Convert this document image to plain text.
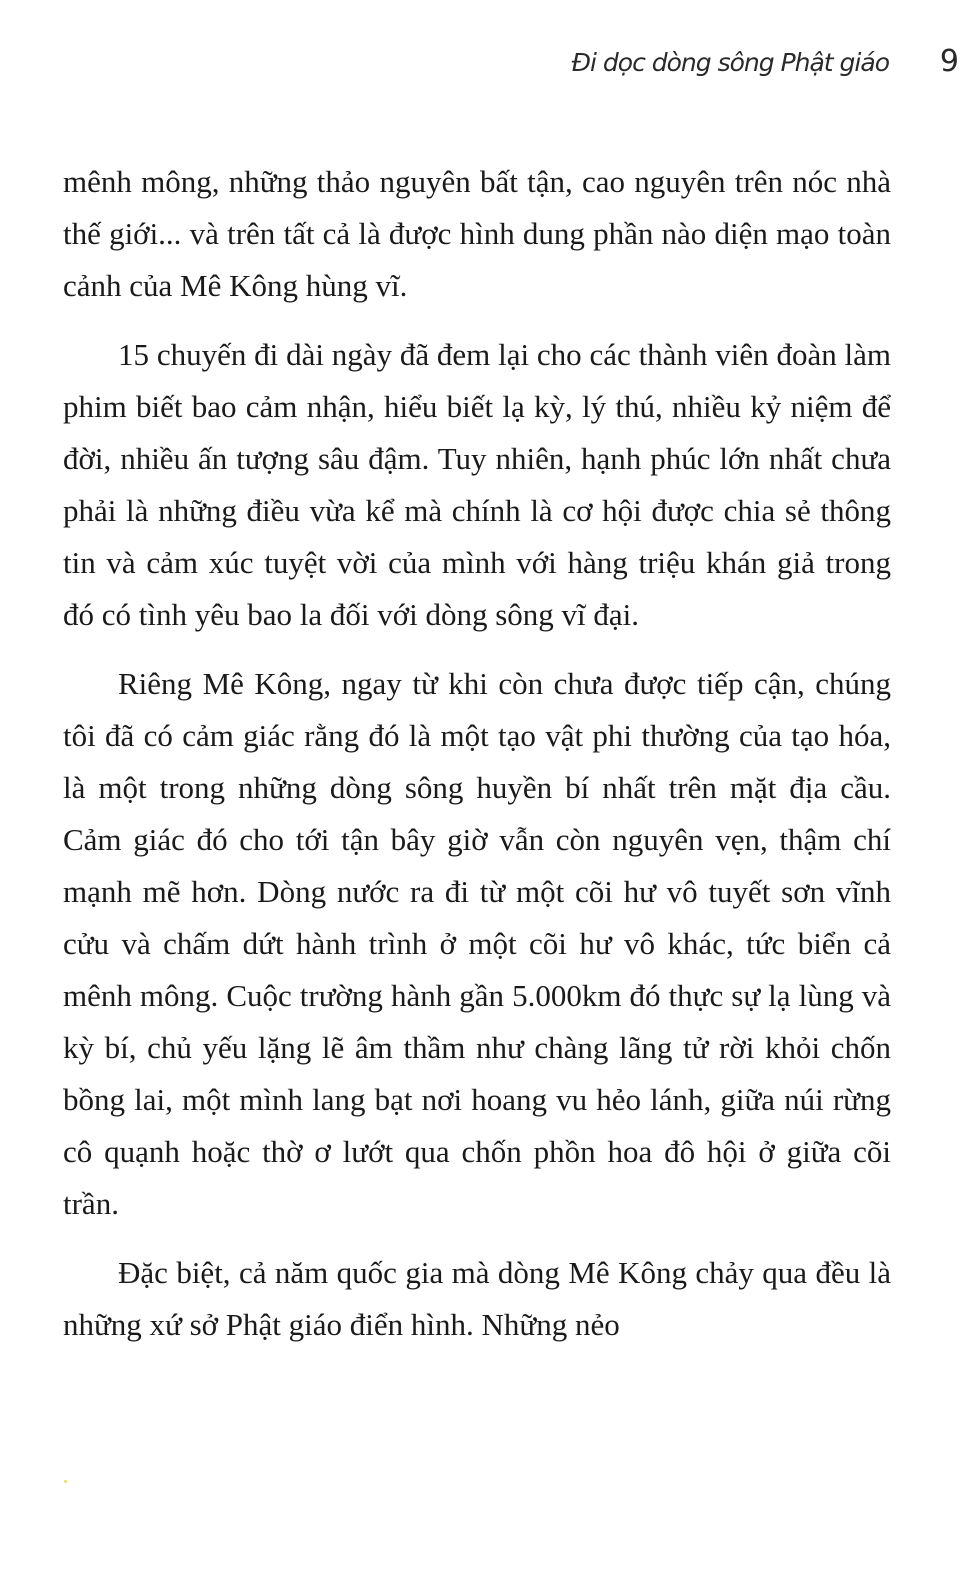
Đi dọc dòng sông Phật giáo 9

mênh mông, những thảo nguyên bất tận, cao nguyên trên nóc nhà thế giới... và trên tất cả là được hình dung phần nào diện mạo toàn cảnh của Mê Kông hùng vĩ.

15 chuyến đi dài ngày đã đem lại cho các thành viên đoàn làm phim biết bao cảm nhận, hiểu biết lạ kỳ, lý thú, nhiều kỷ niệm để đời, nhiều ấn tượng sâu đậm. Tuy nhiên, hạnh phúc lớn nhất chưa phải là những điều vừa kể mà chính là cơ hội được chia sẻ thông tin và cảm xúc tuyệt vời của mình với hàng triệu khán giả trong đó có tình yêu bao la đối với dòng sông vĩ đại.

Riêng Mê Kông, ngay từ khi còn chưa được tiếp cận, chúng tôi đã có cảm giác rằng đó là một tạo vật phi thường của tạo hóa, là một trong những dòng sông huyền bí nhất trên mặt địa cầu. Cảm giác đó cho tới tận bây giờ vẫn còn nguyên vẹn, thậm chí mạnh mẽ hơn. Dòng nước ra đi từ một cõi hư vô tuyết sơn vĩnh cửu và chấm dứt hành trình ở một cõi hư vô khác, tức biển cả mênh mông. Cuộc trường hành gần 5.000km đó thực sự lạ lùng và kỳ bí, chủ yếu lặng lẽ âm thầm như chàng lãng tử rời khỏi chốn bồng lai, một mình lang bạt nơi hoang vu hẻo lánh, giữa núi rừng cô quạnh hoặc thờ ơ lướt qua chốn phồn hoa đô hội ở giữa cõi trần.

Đặc biệt, cả năm quốc gia mà dòng Mê Kông chảy qua đều là những xứ sở Phật giáo điển hình. Những nẻo
